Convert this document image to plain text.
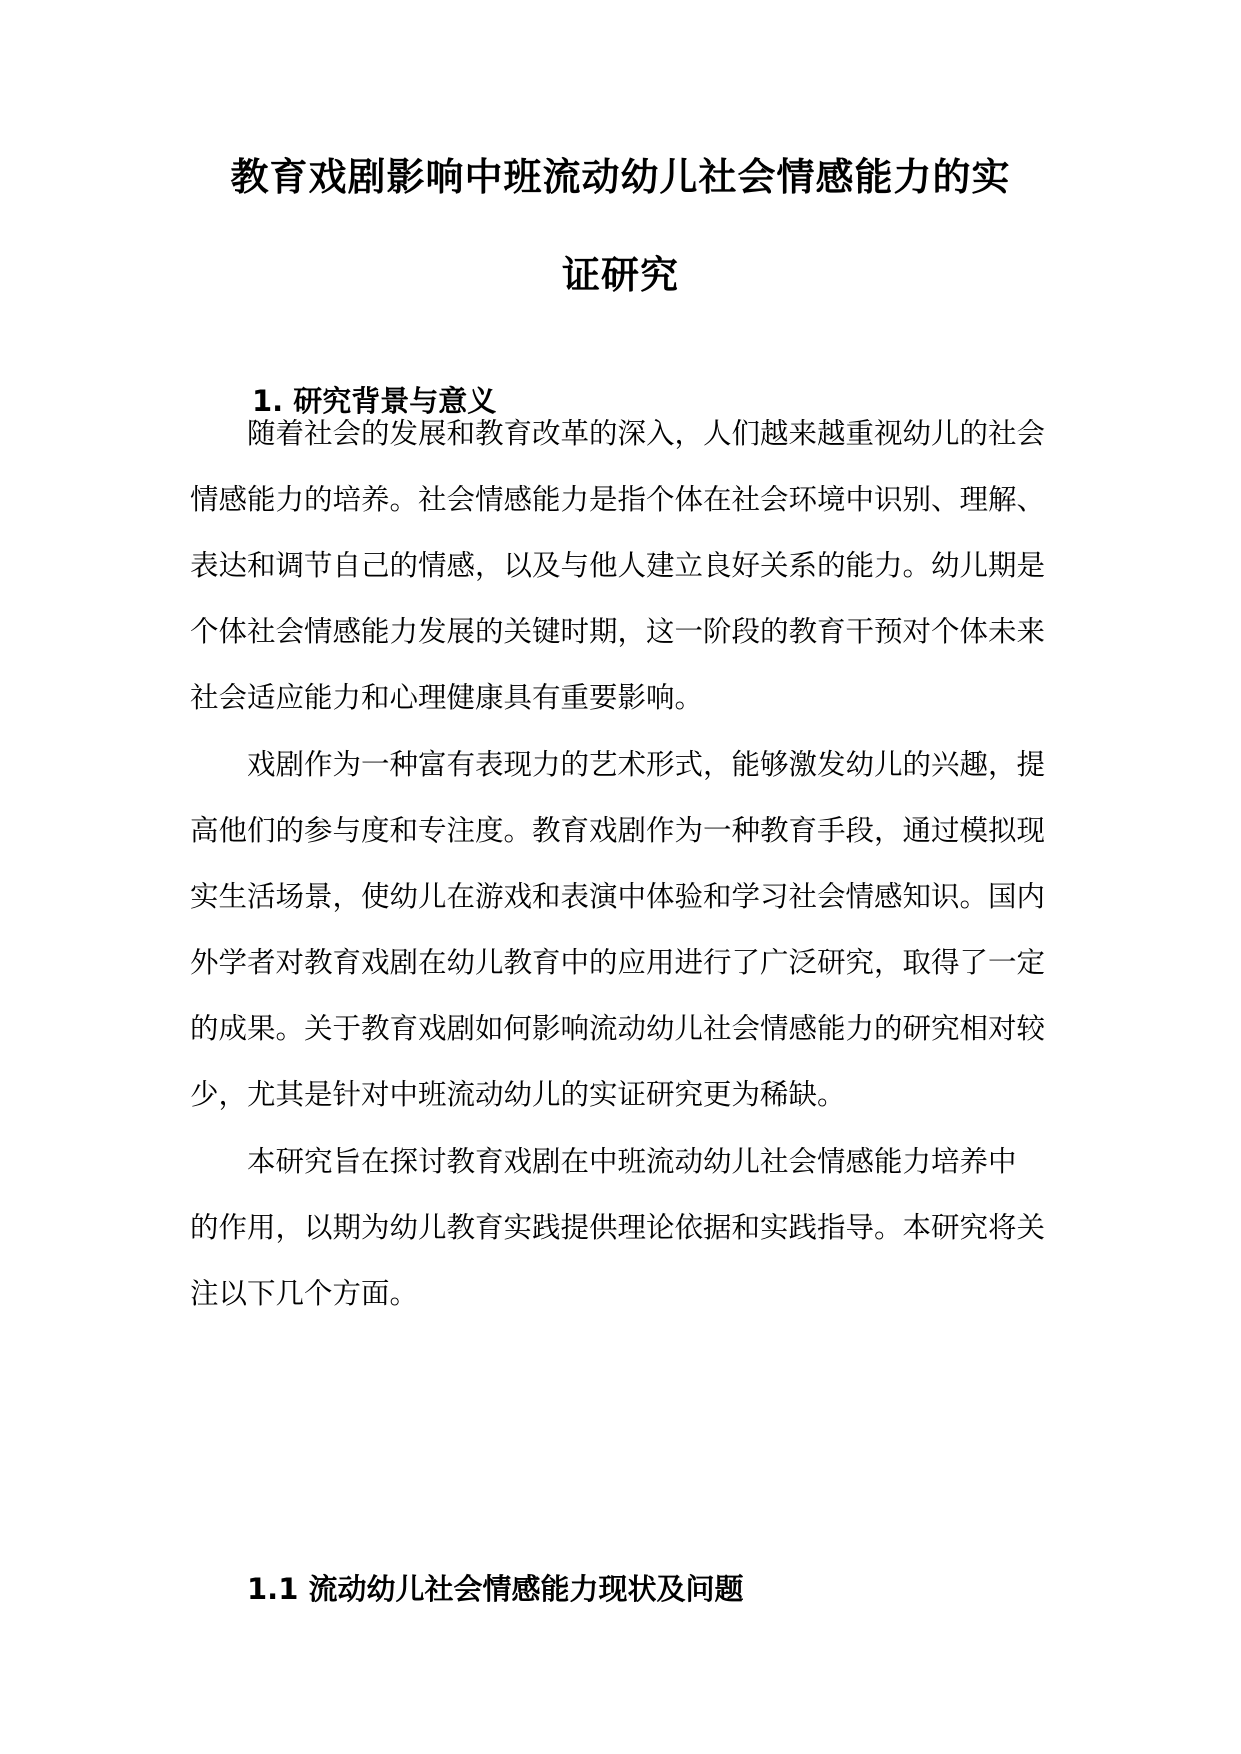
教育戏剧影响中班流动幼儿社会情感能力的实
证研究
1. 研究背景与意义
随着社会的发展和教育改革的深入，人们越来越重视幼儿的社会
情感能力的培养。社会情感能力是指个体在社会环境中识别、理解、
表达和调节自己的情感，以及与他人建立良好关系的能力。幼儿期是
个体社会情感能力发展的关键时期，这一阶段的教育干预对个体未来
社会适应能力和心理健康具有重要影响。
戏剧作为一种富有表现力的艺术形式，能够激发幼儿的兴趣，提
高他们的参与度和专注度。教育戏剧作为一种教育手段，通过模拟现
实生活场景，使幼儿在游戏和表演中体验和学习社会情感知识。国内
外学者对教育戏剧在幼儿教育中的应用进行了广泛研究，取得了一定
的成果。关于教育戏剧如何影响流动幼儿社会情感能力的研究相对较
少，尤其是针对中班流动幼儿的实证研究更为稀缺。
本研究旨在探讨教育戏剧在中班流动幼儿社会情感能力培养中
的作用，以期为幼儿教育实践提供理论依据和实践指导。本研究将关
注以下几个方面。
1.1 流动幼儿社会情感能力现状及问题
